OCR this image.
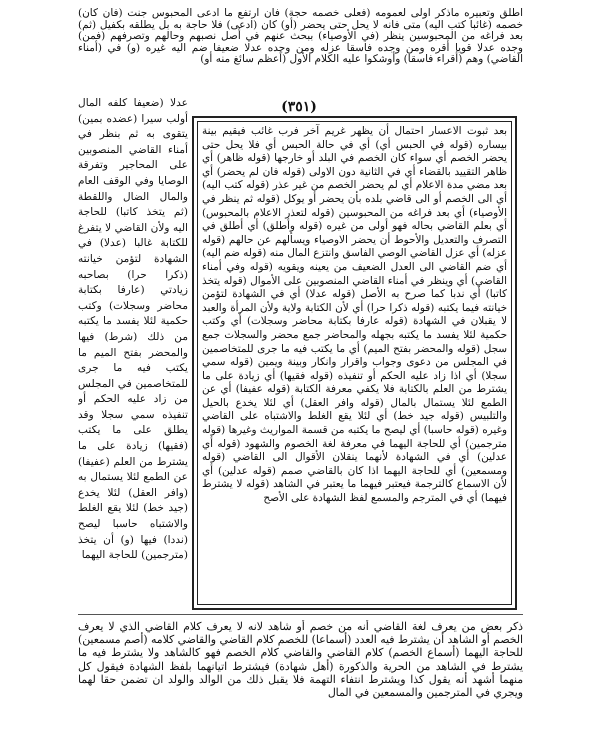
أطلق وتعبيره ماذكر أولى لعمومه (فعلى خصمه حجة) فان ارتفع ما ادعى المحبوس جنت (فان كان) خصمه (غائبا كتب اليه) متى فانه لا يحل حتى يحضر (أو) كان (ادعى) فلا حاجة به بل يطلقه بكفيل (ثم) بعد فراغه من المحبوسين ينظر (في الأوصياء) ببحث عنهم في أصل نصبهم وحالهم وتصرفهم (فمن) وجده عدلا قويا أقره ومن وجده فاسقا عزله ومن وجده عدلا ضعيفا ضم اليه غيره (و) في (أمناء القاضي) وهم (أقراء فاسقا) وأوشكوا عليه الكلام الأول (أعظم سائغ منه أو)

(٣٥١)

عدلا (ضعيفا كلفه المال أولب سيرا (عضده بمين) يتقوى به ثم بنظر في أمناء القاضي المنصوبين على المحاجير وتفرقة الوصايا وفي الوقف العام والمال الضال واللقطة (ثم يتخذ كاتبا) للحاجة اليه ولأن القاضي لا يتفرغ للكتابة غالبا (عدلا) في الشهادة لتؤمن خيانته (ذكرا حرا) بصاحبه زيادتي (عارفا بكتابة محاضر وسجلات) وكتب حكمية لئلا يفسد ما يكتبه من ذلك (شرط) فيها والمحضر بفتح الميم ما يكتب فيه ما جرى للمتخاصمين في المجلس من زاد عليه الحكم أو تنفيذه سمي سجلا وقد يطلق على ما يكتب (فقيها) زيادة على ما يشترط من العلم (عفيفا) عن الطمع لئلا يستمال به (وافر العقل) لئلا يخدع (جيد خط) لئلا يقع الغلط والاشتباه حاسبا ليصح (نددا) فيها (و) أن يتخذ (مترجمين) للحاجة اليهما

بعد ثبوت الاعسار احتمال أن يظهر غريم آخر فرب غائب فيقيم بينة بيساره (قوله في الحبس أي) أي في حالة الحبس أي فلا يحل حتى يحضر الخصم أي سواء كان الخصم في البلد أو خارجها (قوله ظاهر) أي ظاهر التقييد بالقضاء أي في الثانية دون الاولى (قوله فان لم يحضر) أي بعد مضي مدة الاعلام أي لم يحضر الخصم من غير عذر (قوله كتب اليه) أي الى الخصم أو الى قاضي بلده بأن يحضر أو يوكل (قوله ثم ينظر في الأوصياء) أي بعد فراغه من المحبوسين (قوله لتعذر الاعلام بالمحبوس) أي بعلم القاضي بحاله فهو أولى من غيره (قوله وأطلق) أي أطلق في التصرف والتعديل والأحوط أن يحضر الاوصياء ويسألهم عن حالهم (قوله عزله) أي عزل القاضي الوصي الفاسق وانتزع المال منه (قوله ضم اليه) أي ضم القاضي الى العدل الضعيف من يعينه ويقويه (قوله وفي أمناء القاضي) أي وينظر في أمناء القاضي المنصوبين على الأموال (قوله يتخذ كاتبا) أي ندبا كما صرح به الأصل (قوله عدلا) أي في الشهادة لتؤمن خيانته فيما يكتبه (قوله ذكرا حرا) أي لأن الكتابة ولاية ولأن المرأة والعبد لا يقبلان في الشهادة (قوله عارفا بكتابة محاضر وسجلات) أي وكتب حكمية لئلا يفسد ما يكتبه بجهله والمحاضر جمع محضر والسجلات جمع سجل (قوله والمحضر بفتح الميم) أي ما يكتب فيه ما جرى للمتخاصمين في المجلس من دعوى وجواب واقرار وانكار وبينة ويمين (قوله سمي سجلا) أي اذا زاد عليه الحكم أو تنفيذه (قوله فقيها) أي زيادة على ما يشترط من العلم بالكتابة فلا يكفي معرفة الكتابة (قوله عفيفا) أي عن الطمع لئلا يستمال بالمال (قوله وافر العقل) أي لئلا يخدع بالحيل والتلبيس (قوله جيد خط) أي لئلا يقع الغلط والاشتباه على القاضي وغيره (قوله حاسبا) أي ليصح ما يكتبه من قسمة المواريث وغيرها (قوله مترجمين) أي للحاجة اليهما في معرفة لغة الخصوم والشهود (قوله أي عدلين) أي في الشهادة لأنهما ينقلان الأقوال الى القاضي (قوله ومسمعين) أي للحاجة اليهما اذا كان بالقاضي صمم (قوله عدلين) أي لأن الاسماع كالترجمة فيعتبر فيهما ما يعتبر في الشاهد (قوله لا يشترط فيهما) أي في المترجم والمسمع لفظ الشهادة على الأصح

ذكر بعض من يعرف لغة القاضي أنه من خصم أو شاهد لانه لا يعرف كلام القاضي الذي لا يعرف الخصم أو الشاهد أن يشترط فيه العدد (أسماعا) للخصم كلام القاضي والقاضي كلامه (أصم مسمعين) للحاجة اليهما (أسماع الخصم) كلام القاضي والقاضي كلام الخصم فهو كالشاهد ولا يشترط فيه ما يشترط في الشاهد من الحرية والذكورة (أهل شهادة) فيشترط اتيانهما بلفظ الشهادة فيقول كل منهما أشهد أنه يقول كذا ويشترط انتفاء التهمة فلا يقبل ذلك من الوالد والولد ان تضمن حقا لهما ويجري في المترجمين والمسمعين في المال
